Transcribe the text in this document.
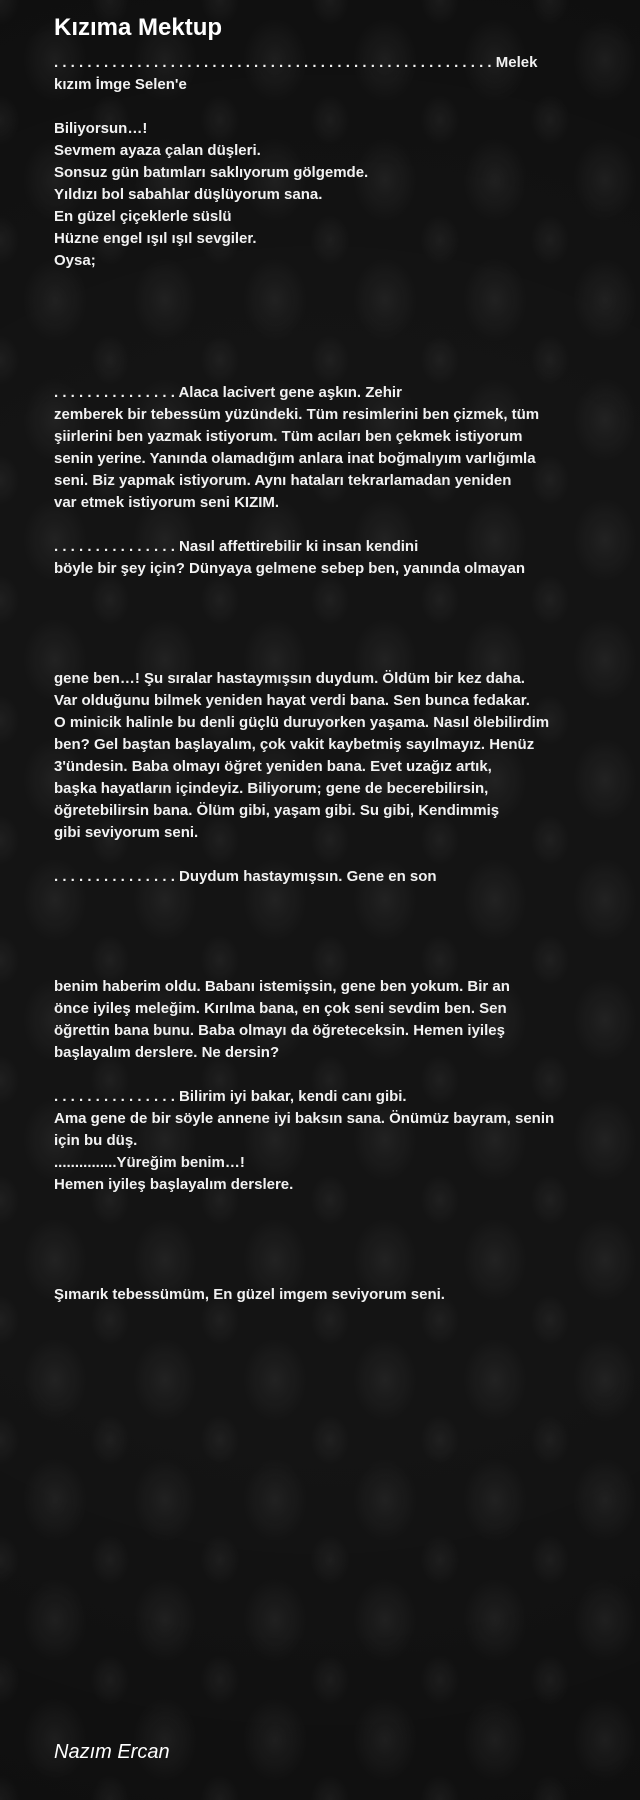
Kızıma Mektup
. . . . . . . . . . . . . . . . . . . . . . . . . . . . . . . . . . . . . . . . . . . . . . . . . . . . . Melek
kızım İmge Selen'e
Biliyorsun…!
Sevmem ayaza çalan düşleri.
Sonsuz gün batımları saklıyorum gölgemde.
Yıldızı bol sabahlar düşlüyorum sana.
En güzel çiçeklerle süslü
Hüzne engel ışıl ışıl sevgiler.
Oysa;
. . . . . . . . . . . . . . . Alaca lacivert gene aşkın. Zehir
zemberek bir tebessüm yüzündeki. Tüm resimlerini ben çizmek, tüm
şiirlerini ben yazmak istiyorum. Tüm acıları ben çekmek istiyorum
senin yerine. Yanında olamadığım anlara inat boğmalıyım varlığımla
seni. Biz yapmak istiyorum. Aynı hataları tekrarlamadan yeniden
var etmek istiyorum seni KIZIM.
. . . . . . . . . . . . . . . Nasıl affettirebilir ki insan kendini
böyle bir şey için? Dünyaya gelmene sebep ben, yanında olmayan
gene ben…! Şu sıralar hastaymışsın duydum. Öldüm bir kez daha.
Var olduğunu bilmek yeniden hayat verdi bana. Sen bunca fedakar.
O minicik halinle bu denli güçlü duruyorken yaşama. Nasıl ölebilirdim
ben? Gel baştan başlayalım, çok vakit kaybetmiş sayılmayız. Henüz
3'ündesin. Baba olmayı öğret yeniden bana. Evet uzağız artık,
başka hayatların içindeyiz. Biliyorum; gene de becerebilirsin,
öğretebilirsin bana. Ölüm gibi, yaşam gibi. Su gibi, Kendimmiş
gibi seviyorum seni.
. . . . . . . . . . . . . . . Duydum hastaymışsın. Gene en son
benim haberim oldu. Babanı istemişsin, gene ben yokum. Bir an
önce iyileş meleğim. Kırılma bana, en çok seni sevdim ben. Sen
öğrettin bana bunu. Baba olmayı da öğreteceksin. Hemen iyileş
başlayalım derslere. Ne dersin?
. . . . . . . . . . . . . . . Bilirim iyi bakar, kendi canı gibi.
Ama gene de bir söyle annene iyi baksın sana. Önümüz bayram, senin
için bu düş.
...............Yüreğim benim…!
Hemen iyileş başlayalım derslere.
Şımarık tebessümüm, En güzel imgem seviyorum seni.
Nazım Ercan
